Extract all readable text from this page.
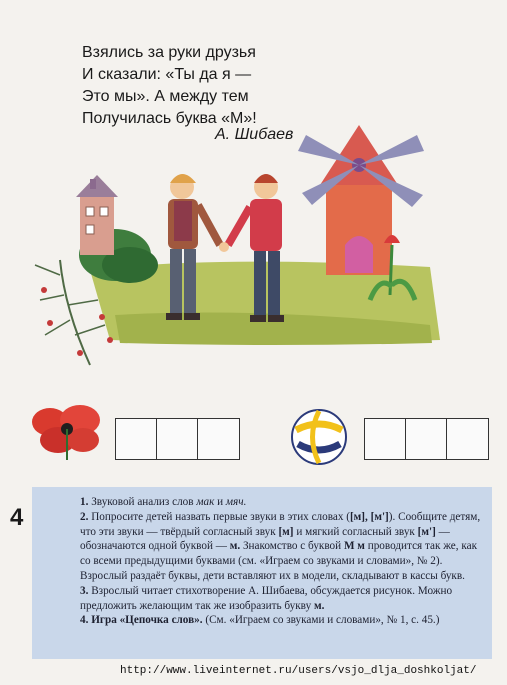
Взялись за руки друзья
И сказали: «Ты да я —
Это мы». А между тем
Получилась буква «М»!
А. Шибаев
4

1. Звуковой анализ слов мак и мяч.

2. Попросите детей назвать первые звуки в этих словах ([м], [м']). Сообщите детям, что эти звуки — твёрдый согласный звук [м] и мягкий согласный звук [м'] — обозначаются одной буквой — м. Знакомство с буквой М м проводится так же, как со всеми предыдущими буквами (см. «Играем со звуками и словами», № 2). Взрослый раздаёт буквы, дети вставляют их в модели, складывают в кассы букв.

3. Взрослый читает стихотворение А. Шибаева, обсуждается рисунок. Можно предложить желающим так же изобразить букву м.

4. Игра «Цепочка слов». (См. «Играем со звуками и словами», № 1, с. 45.)

http://www.liveinternet.ru/users/vsjo_dlja_doshkoljat/
